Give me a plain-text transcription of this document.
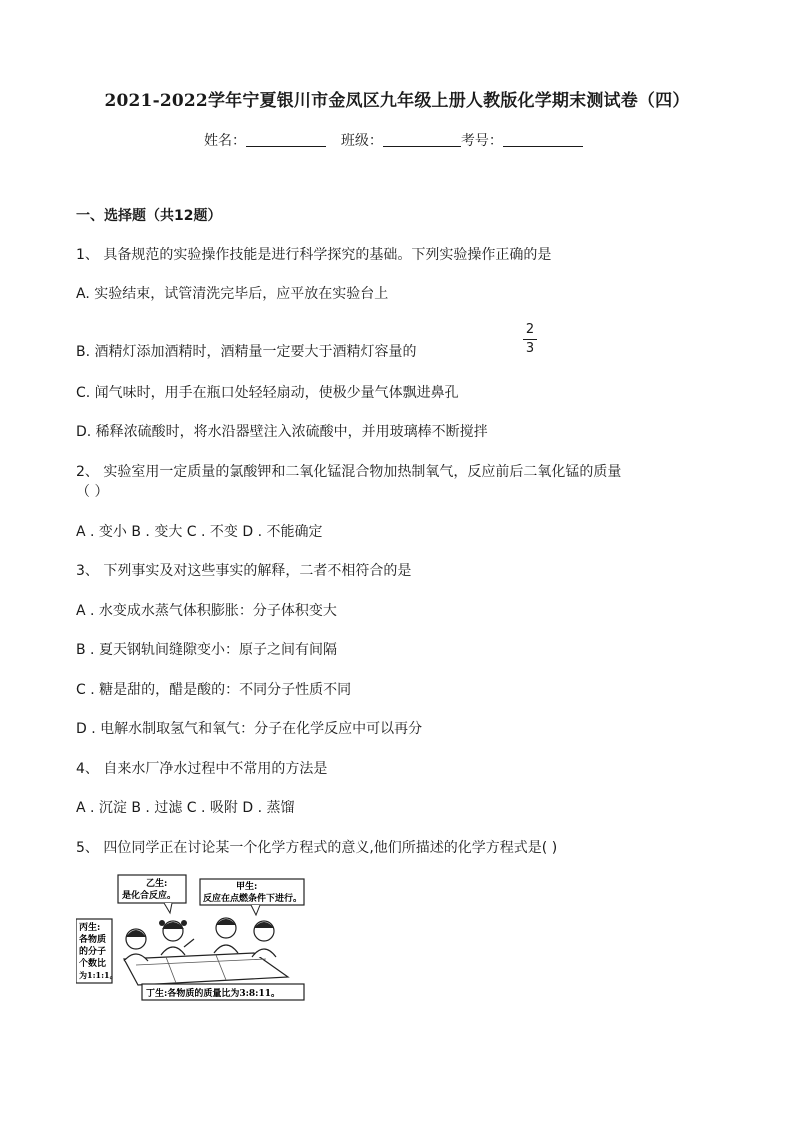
2021-2022学年宁夏银川市金凤区九年级上册人教版化学期末测试卷（四）
姓名：	班级：	考号：
一、选择题（共12题）
1、 具备规范的实验操作技能是进行科学探究的基础。下列实验操作正确的是
A. 实验结束，试管清洗完毕后，应平放在实验台上
B. 酒精灯添加酒精时，酒精量一定要大于酒精灯容量的
2
3
C. 闻气味时，用手在瓶口处轻轻扇动，使极少量气体飘进鼻孔
D. 稀释浓硫酸时，将水沿器壁注入浓硫酸中，并用玻璃棒不断搅拌
2、 实验室用一定质量的氯酸钾和二氧化锰混合物加热制氧气，反应前后二氧化锰的质量
（ ）
A . 变小 B . 变大 C . 不变 D . 不能确定
3、 下列事实及对这些事实的解释，二者不相符合的是
A . 水变成水蒸气体积膨胀：分子体积变大
B . 夏天钢轨间缝隙变小：原子之间有间隔
C . 糖是甜的，醋是酸的：不同分子性质不同
D . 电解水制取氢气和氧气：分子在化学反应中可以再分
4、 自来水厂净水过程中不常用的方法是
A . 沉淀 B . 过滤 C . 吸附 D . 蒸馏
5、 四位同学正在讨论某一个化学方程式的意义,他们所描述的化学方程式是( )
乙生:
是化合反应。
甲生:
反应在点燃条件下进行。
丙生:
各物质
的分子
个数比
为1:1:1。
丁生:各物质的质量比为3:8:11。
